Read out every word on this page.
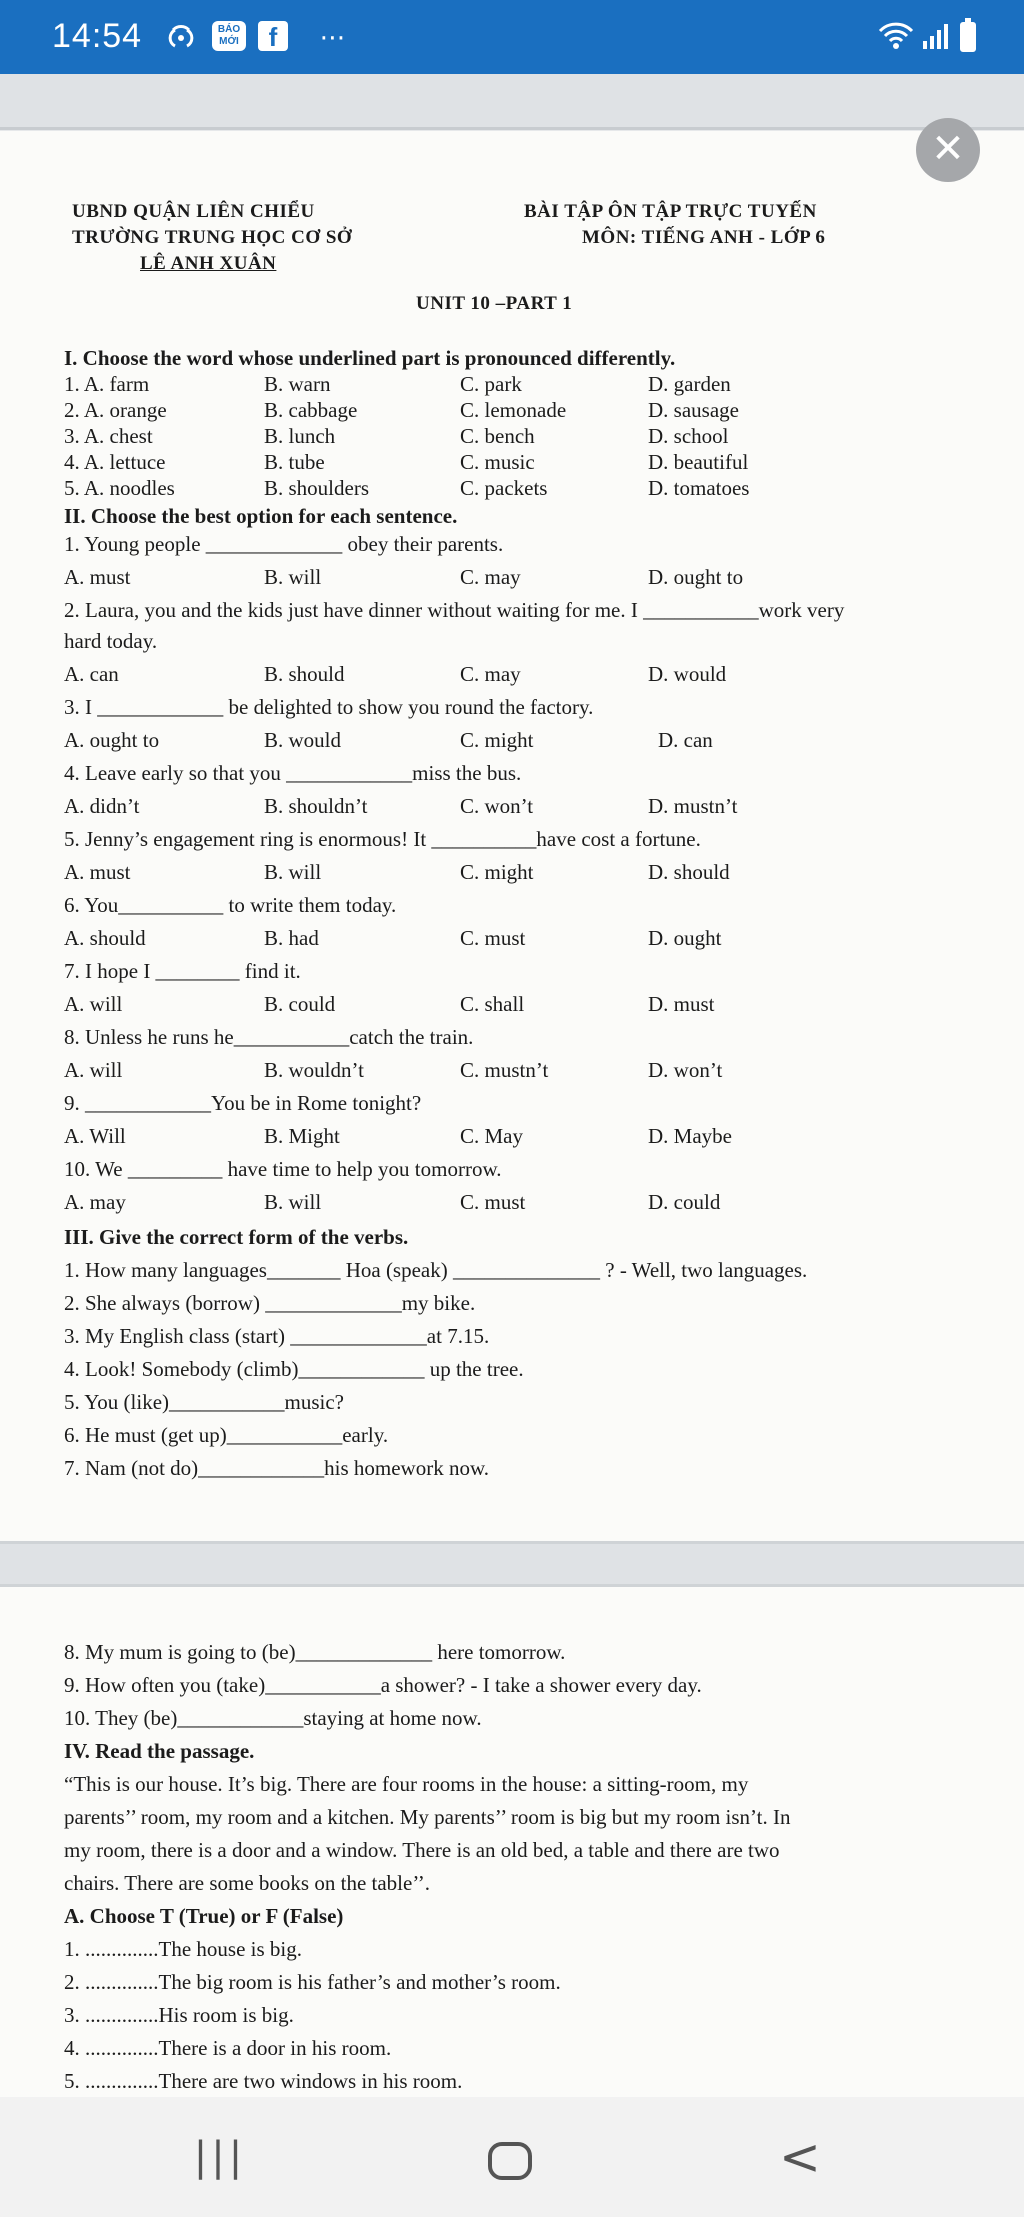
14:54	BÁO
MỚI	f	⋯
UBND QUẬN LIÊN CHIỂU
TRƯỜNG TRUNG HỌC CƠ SỞ
LÊ ANH XUÂN
BÀI TẬP ÔN TẬP TRỰC TUYẾN
MÔN: TIẾNG ANH - LỚP 6
UNIT 10 –PART 1
I. Choose the word whose underlined part is pronounced differently.
1. A. farm	B. warn	C. park	D. garden
2. A. orange	B. cabbage	C. lemonade	D. sausage
3. A. chest	B. lunch	C. bench	D. school
4. A. lettuce	B. tube	C. music	D. beautiful
5. A. noodles	B. shoulders	C. packets	D. tomatoes
II. Choose the best option for each sentence.
1. Young people _____________ obey their parents.
A. must	B. will	C. may	D. ought to
2. Laura, you and the kids just have dinner without waiting for me. I ___________work very
hard today.
A. can	B. should	C. may	D. would
3. I ____________ be delighted to show you round the factory.
A. ought to	B. would	C. might	D. can
4. Leave early so that you ____________miss the bus.
A. didn’t	B. shouldn’t	C. won’t	D. mustn’t
5. Jenny’s engagement ring is enormous! It __________have cost a fortune.
A. must	B. will	C. might	D. should
6. You__________ to write them today.
A. should	B. had	C. must	D. ought
7. I hope I ________ find it.
A. will	B. could	C. shall	D. must
8. Unless he runs he___________catch the train.
A. will	B. wouldn’t	C. mustn’t	D. won’t
9. ____________You be in Rome tonight?
A. Will	B. Might	C. May	D. Maybe
10. We _________ have time to help you tomorrow.
A. may	B. will	C. must	D. could
III. Give the correct form of the verbs.
1. How many languages_______ Hoa (speak) ______________ ? - Well, two languages.
2. She always (borrow) _____________my bike.
3. My English class (start) _____________at 7.15.
4. Look! Somebody (climb)____________ up the tree.
5. You (like)___________music?
6. He must (get up)___________early.
7. Nam (not do)____________his homework now.
✕
8. My mum is going to (be)_____________ here tomorrow.
9. How often you (take)___________a shower? - I take a shower every day.
10. They (be)____________staying at home now.
IV. Read the passage.
“This is our house. It’s big. There are four rooms in the house: a sitting-room, my
parents’’ room, my room and a kitchen. My parents’’ room is big but my room isn’t. In
my room, there is a door and a window. There is an old bed, a table and there are two
chairs. There are some books on the table’’.
A. Choose T (True) or F (False)
1. ..............The house is big.
2. ..............The big room is his father’s and mother’s room.
3. ..............His room is big.
4. ..............There is a door in his room.
5. ..............There are two windows in his room.
|||	<
